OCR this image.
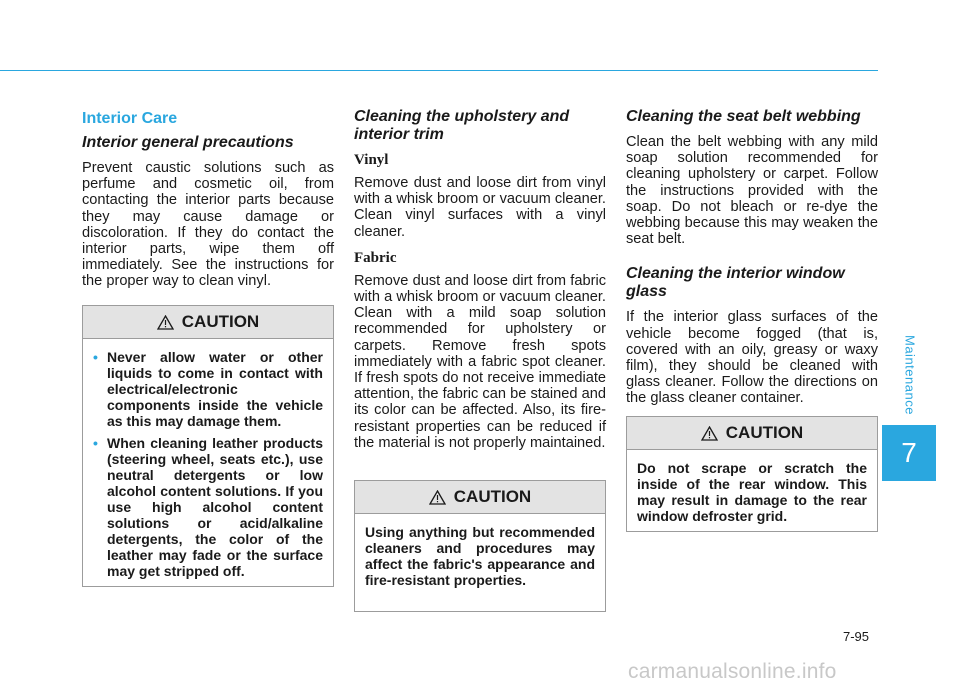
Maintenance
7
Interior Care
Interior general precautions

Prevent caustic solutions such as perfume and cosmetic oil, from contacting the interior parts because they may cause damage or discoloration. If they do contact the interior parts, wipe them off immediately. See the instructions for the proper way to clean vinyl.

CAUTION
• Never allow water or other liquids to come in contact with electrical/electronic components inside the vehicle as this may damage them.
• When cleaning leather products (steering wheel, seats etc.), use neutral detergents or low alcohol content solutions. If you use high alcohol content solutions or acid/alkaline detergents, the color of the leather may fade or the surface may get stripped off.
Cleaning the upholstery and interior trim
Vinyl

Remove dust and loose dirt from vinyl with a whisk broom or vacuum cleaner. Clean vinyl surfaces with a vinyl cleaner.

Fabric

Remove dust and loose dirt from fabric with a whisk broom or vacuum cleaner. Clean with a mild soap solution recommended for upholstery or carpets. Remove fresh spots immediately with a fabric spot cleaner. If fresh spots do not receive immediate attention, the fabric can be stained and its color can be affected. Also, its fire-resistant properties can be reduced if the material is not properly maintained.

CAUTION
Using anything but recommended cleaners and procedures may affect the fabric's appearance and fire-resistant properties.
Cleaning the seat belt webbing

Clean the belt webbing with any mild soap solution recommended for cleaning upholstery or carpet. Follow the instructions provided with the soap. Do not bleach or re-dye the webbing because this may weaken the seat belt.

Cleaning the interior window glass

If the interior glass surfaces of the vehicle become fogged (that is, covered with an oily, greasy or waxy film), they should be cleaned with glass cleaner. Follow the directions on the glass cleaner container.

CAUTION
Do not scrape or scratch the inside of the rear window. This may result in damage to the rear window defroster grid.
7-95
carmanualsonline.info
